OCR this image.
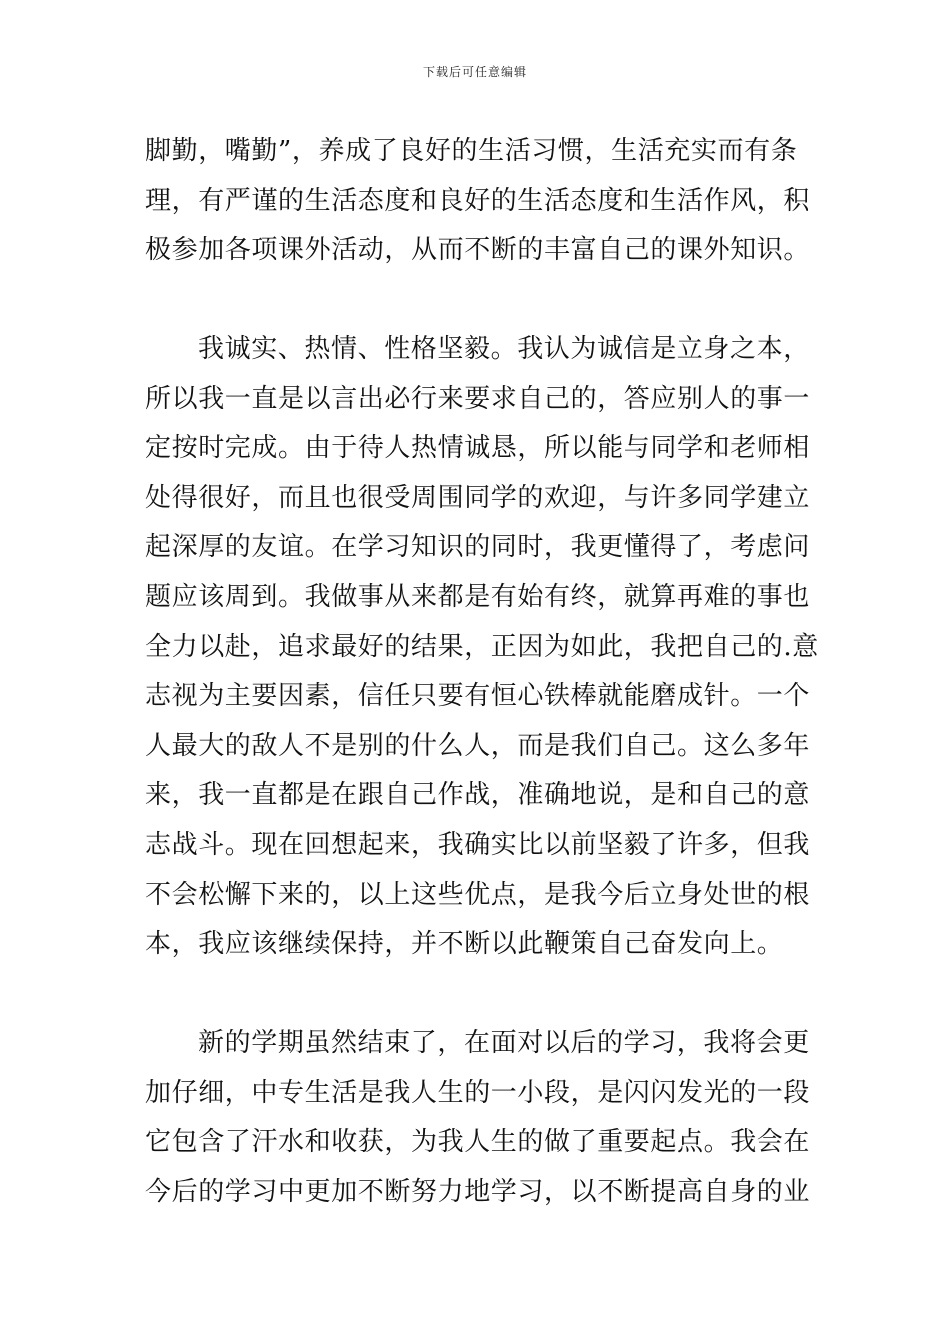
下载后可任意编辑
脚勤，嘴勤”，养成了良好的生活习惯，生活充实而有条
理，有严谨的生活态度和良好的生活态度和生活作风，积
极参加各项课外活动，从而不断的丰富自己的课外知识。
我诚实、热情、性格坚毅。我认为诚信是立身之本，
所以我一直是以言出必行来要求自己的，答应别人的事一
定按时完成。由于待人热情诚恳，所以能与同学和老师相
处得很好，而且也很受周围同学的欢迎，与许多同学建立
起深厚的友谊。在学习知识的同时，我更懂得了，考虑问
题应该周到。我做事从来都是有始有终，就算再难的事也
全力以赴，追求最好的结果，正因为如此，我把自己的.意
志视为主要因素，信任只要有恒心铁棒就能磨成针。一个
人最大的敌人不是别的什么人，而是我们自己。这么多年
来，我一直都是在跟自己作战，准确地说，是和自己的意
志战斗。现在回想起来，我确实比以前坚毅了许多，但我
不会松懈下来的，以上这些优点，是我今后立身处世的根
本，我应该继续保持，并不断以此鞭策自己奋发向上。
新的学期虽然结束了，在面对以后的学习，我将会更
加仔细，中专生活是我人生的一小段，是闪闪发光的一段
它包含了汗水和收获，为我人生的做了重要起点。我会在
今后的学习中更加不断努力地学习，以不断提高自身的业
